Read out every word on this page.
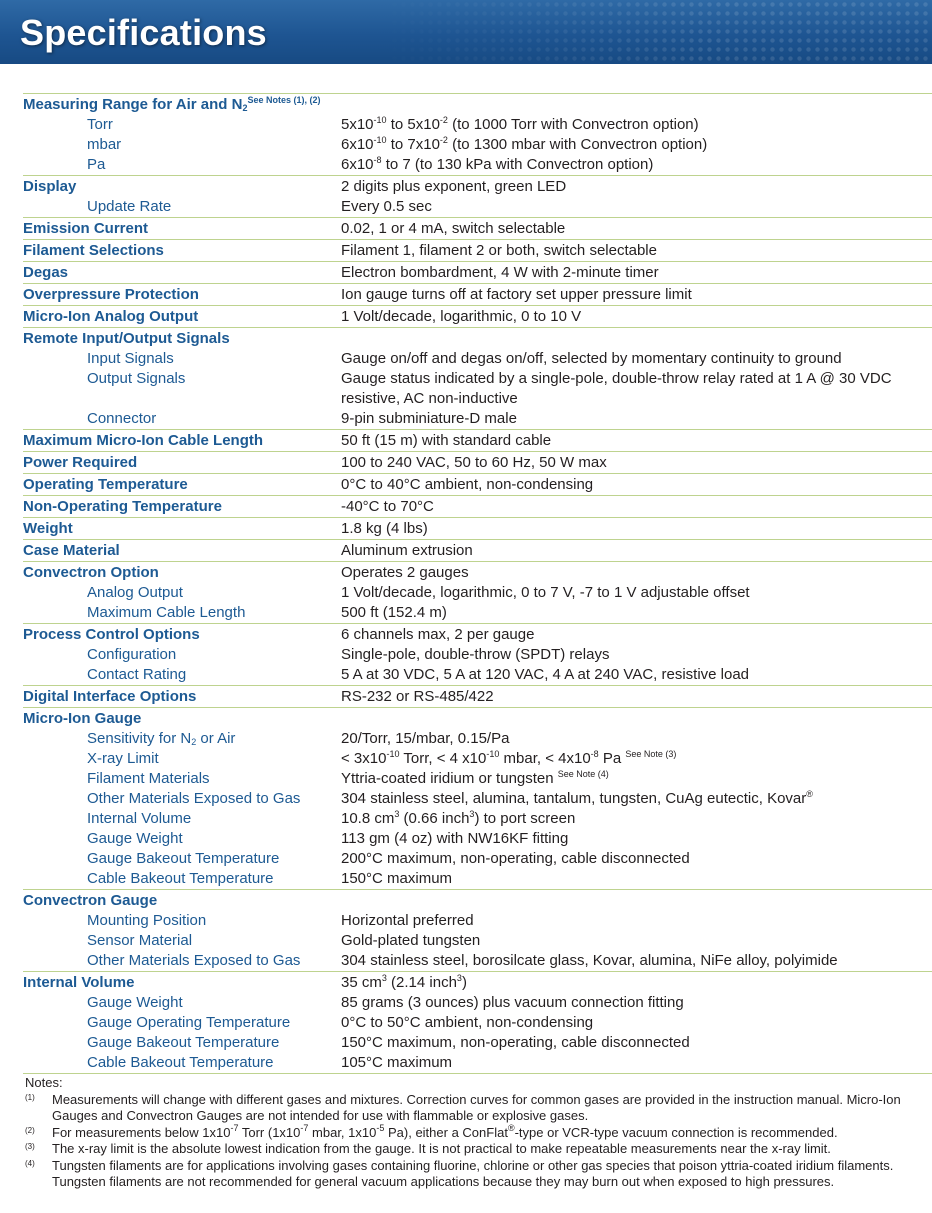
Specifications
Measuring Range for Air and $N_2^{See Notes (1), (2)}$
Torr	$5x10^{-10}$ to $5x10^{-2}$ (to 1000 Torr with Convectron option)
mbar	$6x10^{-10}$ to $7x10^{-2}$ (to 1300 mbar with Convectron option)
Pa	$6x10^{-8}$ to 7 (to 130 kPa with Convectron option)
Display	2 digits plus exponent, green LED
Update Rate	Every 0.5 sec
Emission Current	0.02, 1 or 4 mA, switch selectable
Filament Selections	Filament 1, filament 2 or both, switch selectable
Degas	Electron bombardment, 4 W with 2-minute timer
Overpressure Protection	Ion gauge turns off at factory set upper pressure limit
Micro-Ion Analog Output	1 Volt/decade, logarithmic, 0 to 10 V
Remote Input/Output Signals
Input Signals	Gauge on/off and degas on/off, selected by momentary continuity to ground
Output Signals	Gauge status indicated by a single-pole, double-throw relay rated at 1 A @ 30 VDC resistive, AC non-inductive
Connector	9-pin subminiature-D male
Maximum Micro-Ion Cable Length	50 ft (15 m) with standard cable
Power Required	100 to 240 VAC, 50 to 60 Hz, 50 W max
Operating Temperature	0°C to 40°C ambient, non-condensing
Non-Operating Temperature	-40°C to 70°C
Weight	1.8 kg (4 lbs)
Case Material	Aluminum extrusion
Convectron Option	Operates 2 gauges
Analog Output	1 Volt/decade, logarithmic, 0 to 7 V, -7 to 1 V adjustable offset
Maximum Cable Length	500 ft (152.4 m)
Process Control Options	6 channels max, 2 per gauge
Configuration	Single-pole, double-throw (SPDT) relays
Contact Rating	5 A at 30 VDC, 5 A at 120 VAC, 4 A at 240 VAC, resistive load
Digital Interface Options	RS-232 or RS-485/422
Micro-Ion Gauge
Sensitivity for $N_2$ or Air	20/Torr, 15/mbar, 0.15/Pa
X-ray Limit	< $3x10^{-10}$ Torr, < 4 $x10^{-10}$ mbar, < $4x10^{-8}$ Pa $^{See Note (3)}$
Filament Materials	Yttria-coated iridium or tungsten $^{See Note (4)}$
Other Materials Exposed to Gas	304 stainless steel, alumina, tantalum, tungsten, CuAg eutectic, Kovar®
Internal Volume	10.8 $cm^3$ (0.66 inch$^3$) to port screen
Gauge Weight	113 gm (4 oz) with NW16KF fitting
Gauge Bakeout Temperature	200°C maximum, non-operating, cable disconnected
Cable Bakeout Temperature	150°C maximum
Convectron Gauge
Mounting Position	Horizontal preferred
Sensor Material	Gold-plated tungsten
Other Materials Exposed to Gas	304 stainless steel, borosilcate glass, Kovar, alumina, NiFe alloy, polyimide
Internal Volume	35 $cm^3$ (2.14 inch$^3$)
Gauge Weight	85 grams (3 ounces) plus vacuum connection fitting
Gauge Operating Temperature	0°C to 50°C ambient, non-condensing
Gauge Bakeout Temperature	150°C maximum, non-operating, cable disconnected
Cable Bakeout Temperature	105°C maximum
Notes:
(1)	Measurements will change with different gases and mixtures. Correction curves for common gases are provided in the instruction manual. Micro-Ion Gauges and Convectron Gauges are not intended for use with flammable or explosive gases.
(2)	For measurements below $1x10^{-7}$ Torr ($1x10^{-7}$ mbar, $1x10^{-5}$ Pa), either a ConFlat®-type or VCR-type vacuum connection is recommended.
(3)	The x-ray limit is the absolute lowest indication from the gauge. It is not practical to make repeatable measurements near the x-ray limit.
(4)	Tungsten filaments are for applications involving gases containing fluorine, chlorine or other gas species that poison yttria-coated iridium filaments. Tungsten filaments are not recommended for general vacuum applications because they may burn out when exposed to high pressures.
